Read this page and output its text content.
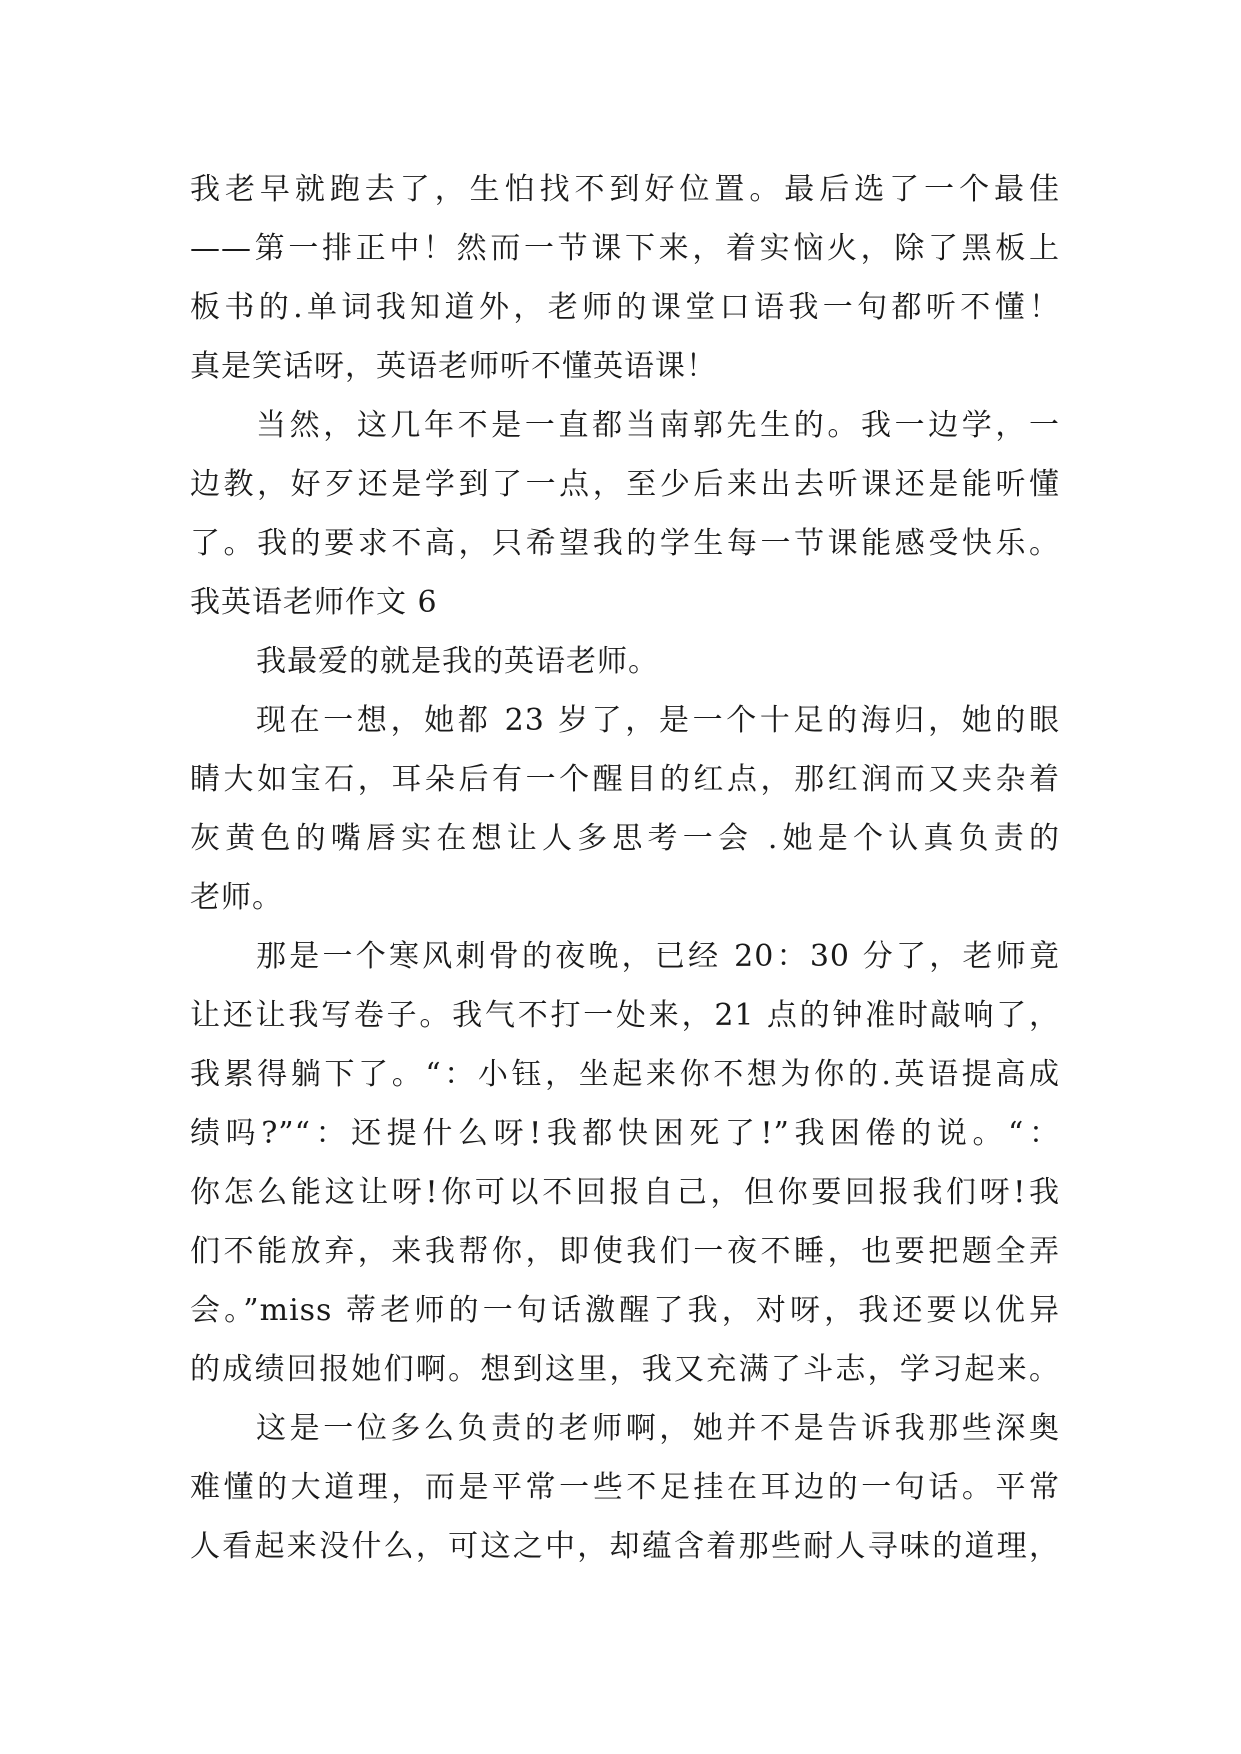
我老早就跑去了，生怕找不到好位置。最后选了一个最佳
——第一排正中！然而一节课下来，着实恼火，除了黑板上
板书的.单词我知道外，老师的课堂口语我一句都听不懂！
真是笑话呀，英语老师听不懂英语课！
当然，这几年不是一直都当南郭先生的。我一边学，一
边教，好歹还是学到了一点，至少后来出去听课还是能听懂
了。我的要求不高，只希望我的学生每一节课能感受快乐。
我英语老师作文 6
我最爱的就是我的英语老师。
现在一想，她都 23 岁了，是一个十足的海归，她的眼
睛大如宝石，耳朵后有一个醒目的红点，那红润而又夹杂着
灰黄色的嘴唇实在想让人多思考一会 .她是个认真负责的
老师。
那是一个寒风刺骨的夜晚，已经 20：30 分了，老师竟
让还让我写卷子。我气不打一处来，21 点的钟准时敲响了，
我累得躺下了。“：小钰，坐起来你不想为你的.英语提高成
绩吗?”“：还提什么呀!我都快困死了!”我困倦的说。“：
你怎么能这让呀!你可以不回报自己，但你要回报我们呀!我
们不能放弃，来我帮你，即使我们一夜不睡，也要把题全弄
会。”miss 蒂老师的一句话激醒了我，对呀，我还要以优异
的成绩回报她们啊。想到这里，我又充满了斗志，学习起来。
这是一位多么负责的老师啊，她并不是告诉我那些深奥
难懂的大道理，而是平常一些不足挂在耳边的一句话。平常
人看起来没什么，可这之中，却蕴含着那些耐人寻味的道理，
